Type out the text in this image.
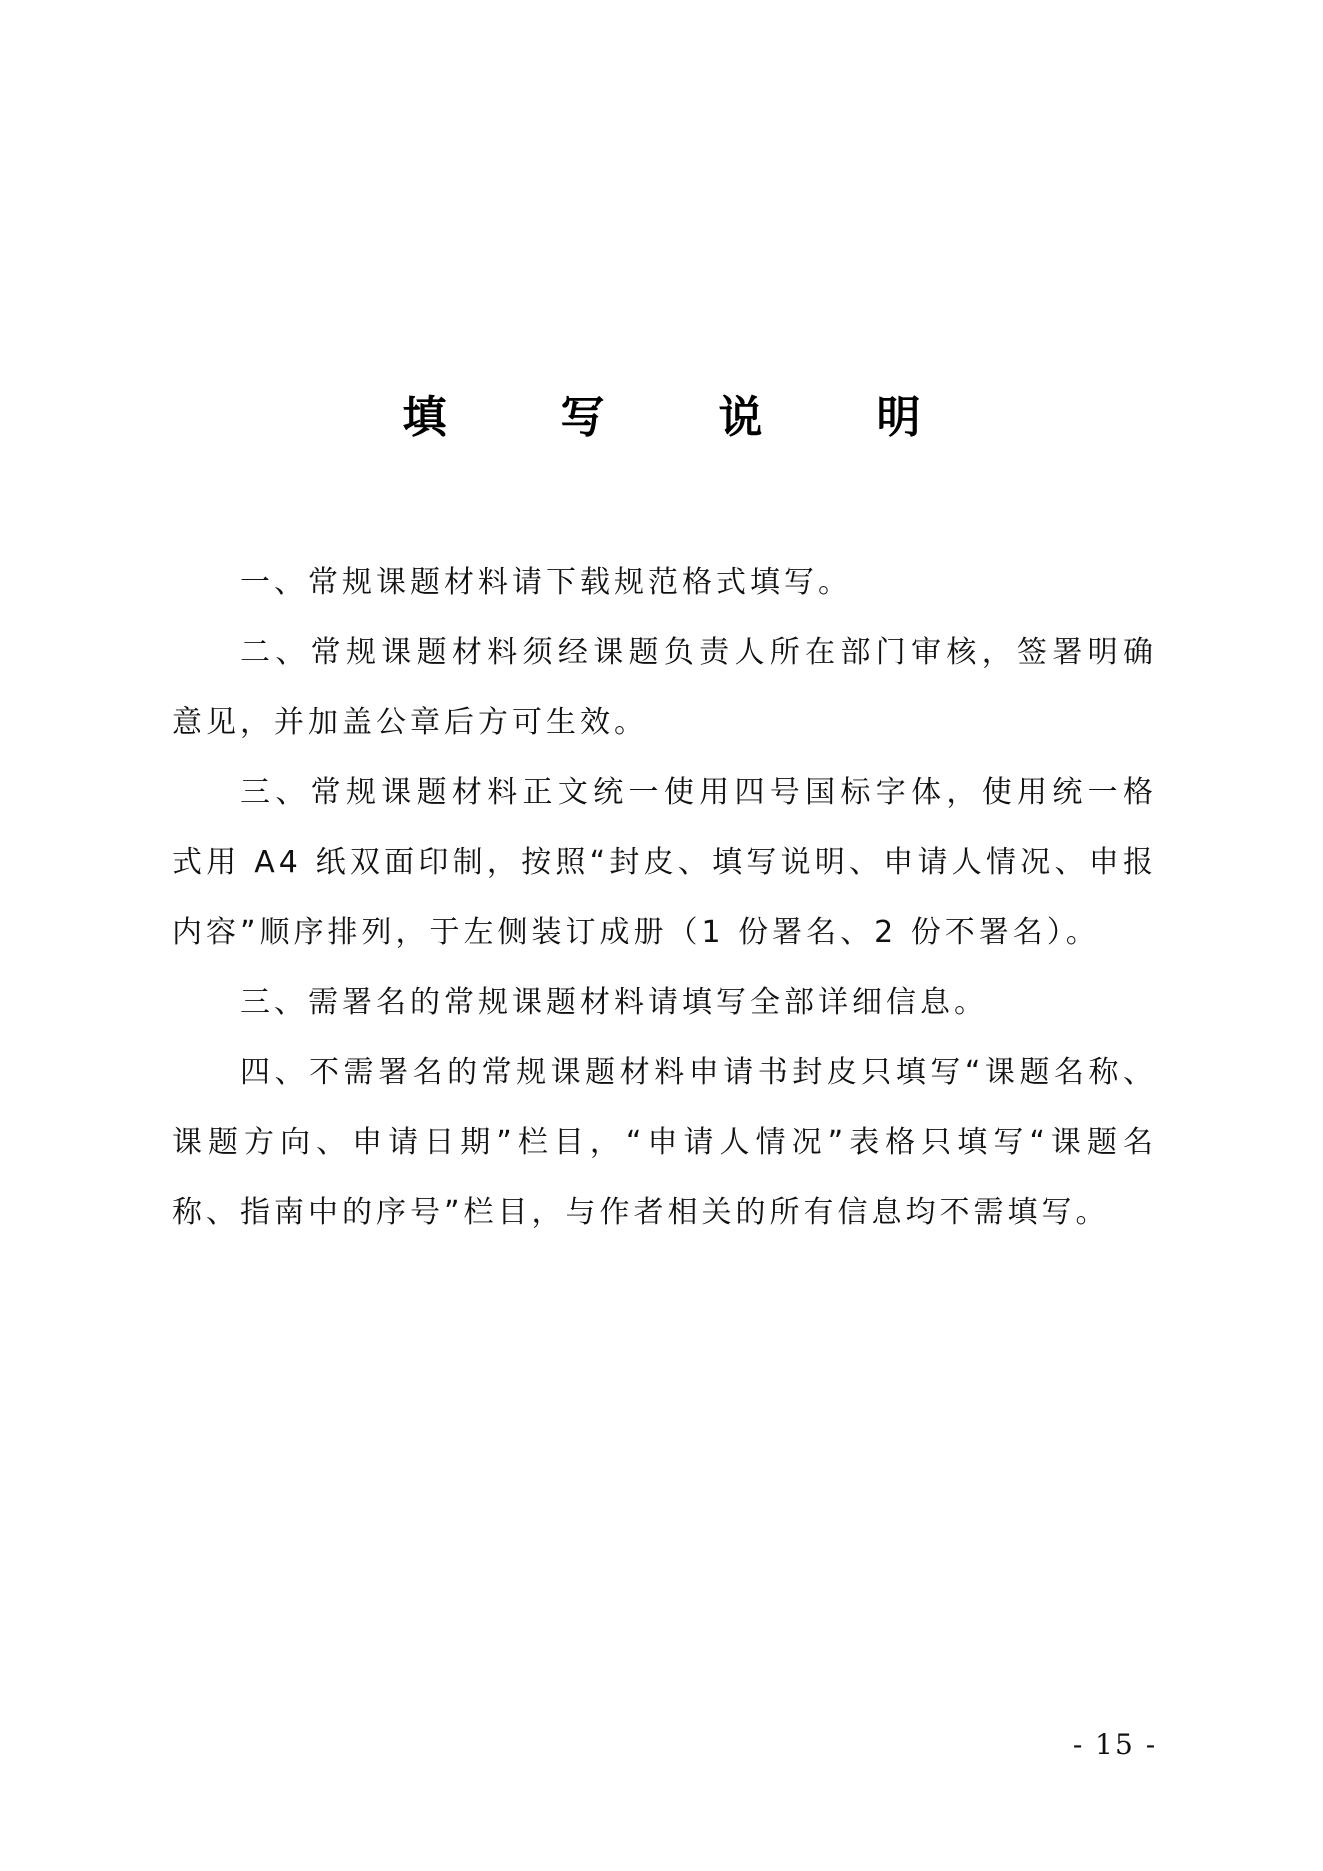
填	写	说	明

一、常规课题材料请下载规范格式填写。

二、常规课题材料须经课题负责人所在部门审核，签署明确意见，并加盖公章后方可生效。

三、常规课题材料正文统一使用四号国标字体，使用统一格式用 A4 纸双面印制，按照“封皮、填写说明、申请人情况、申报内容”顺序排列，于左侧装订成册（1 份署名、2 份不署名）。

三、需署名的常规课题材料请填写全部详细信息。

四、不需署名的常规课题材料申请书封皮只填写“课题名称、课题方向、申请日期”栏目，“申请人情况”表格只填写“课题名称、指南中的序号”栏目，与作者相关的所有信息均不需填写。

- 15 -
